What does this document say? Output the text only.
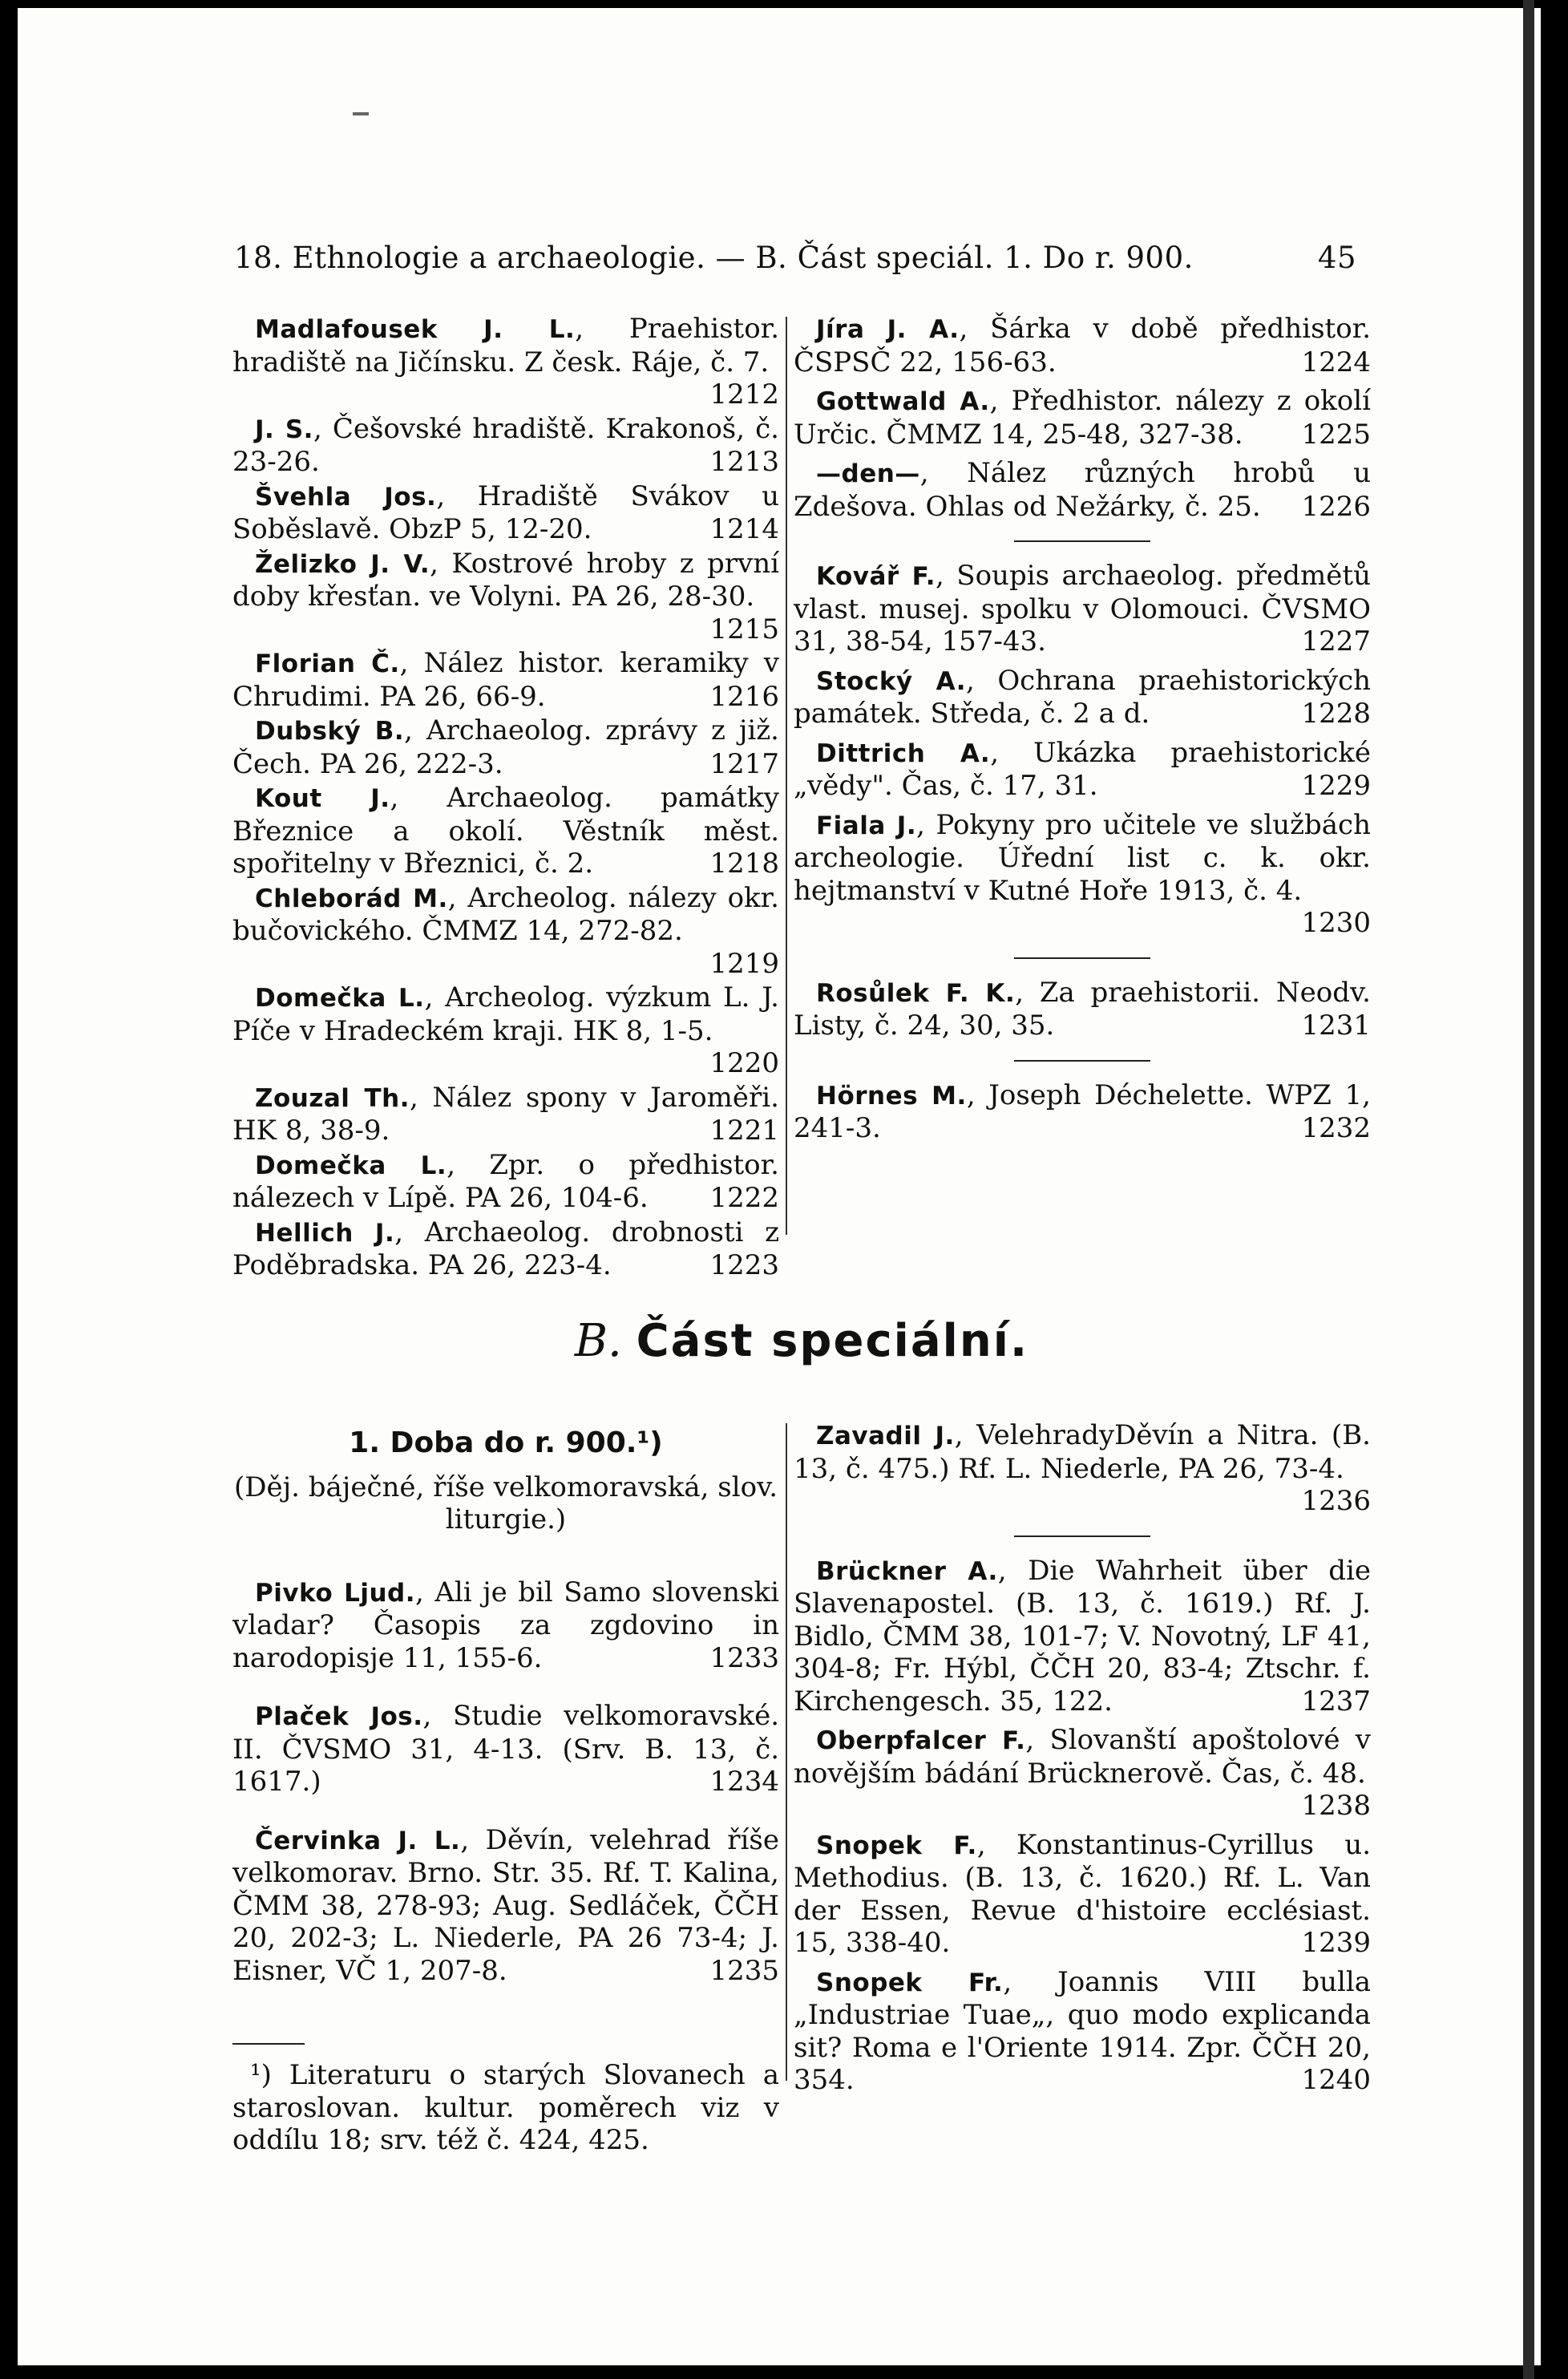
18. Ethnologie a archaeologie. — B. Část speciál. 1. Do r. 900.	45
Madlafousek J. L., Praehistor. hradiště na Jičínsku. Z česk. Ráje, č. 7.
1212
J. S., Češovské hradiště. Krakonoš, č. 23-26.	1213
Švehla Jos., Hradiště Svákov u Soběslavě. ObzP 5, 12-20.	1214
Želizko J. V., Kostrové hroby z první doby křesťan. ve Volyni. PA 26, 28-30.
1215
Florian Č., Nález histor. keramiky v Chrudimi. PA 26, 66-9.	1216
Dubský B., Archaeolog. zprávy z již. Čech. PA 26, 222-3.	1217
Kout J., Archaeolog. památky Březnice a okolí. Věstník měst. spořitelny v Březnici, č. 2.	1218
Chleborád M., Archeolog. nálezy okr. bučovického. ČMMZ 14, 272-82.
1219
Domečka L., Archeolog. výzkum L. J. Píče v Hradeckém kraji. HK 8, 1-5.
1220
Zouzal Th., Nález spony v Jaroměři. HK 8, 38-9.	1221
Domečka L., Zpr. o předhistor. nálezech v Lípě. PA 26, 104-6.	1222
Hellich J., Archaeolog. drobnosti z Poděbradska. PA 26, 223-4.	1223
Jíra J. A., Šárka v době předhistor. ČSPSČ 22, 156-63.	1224
Gottwald A., Předhistor. nálezy z okolí Určic. ČMMZ 14, 25-48, 327-38.	1225
—den—, Nález různých hrobů u Zdešova. Ohlas od Nežárky, č. 25.	1226
Kovář F., Soupis archaeolog. předmětů vlast. musej. spolku v Olomouci. ČVSMO 31, 38-54, 157-43.	1227
Stocký A., Ochrana praehistorických památek. Středa, č. 2 a d.	1228
Dittrich A., Ukázka praehistorické „vědy". Čas, č. 17, 31.	1229
Fiala J., Pokyny pro učitele ve službách archeologie. Úřední list c. k. okr. hejtmanství v Kutné Hoře 1913, č. 4.
1230
Rosůlek F. K., Za praehistorii. Neodv. Listy, č. 24, 30, 35.	1231
Hörnes M., Joseph Déchelette. WPZ 1, 241-3.	1232
B. Část speciální.
1. Doba do r. 900.¹)
(Děj. báječné, říše velkomoravská, slov. liturgie.)
Pivko Ljud., Ali je bil Samo slovenski vladar? Časopis za zgdovino in narodopisje 11, 155-6.	1233
Plaček Jos., Studie velkomoravské. II. ČVSMO 31, 4-13. (Srv. B. 13, č. 1617.)	1234
Červinka J. L., Děvín, velehrad říše velkomorav. Brno. Str. 35. Rf. T. Kalina, ČMM 38, 278-93; Aug. Sedláček, ČČH 20, 202-3; L. Niederle, PA 26 73-4; J. Eisner, VČ 1, 207-8.	1235
¹) Literaturu o starých Slovanech a staroslovan. kultur. poměrech viz v oddílu 18; srv. též č. 424, 425.
Zavadil J., VelehradyDěvín a Nitra. (B. 13, č. 475.) Rf. L. Niederle, PA 26, 73-4.
1236
Brückner A., Die Wahrheit über die Slavenapostel. (B. 13, č. 1619.) Rf. J. Bidlo, ČMM 38, 101-7; V. Novotný, LF 41, 304-8; Fr. Hýbl, ČČH 20, 83-4; Ztschr. f. Kirchengesch. 35, 122.	1237
Oberpfalcer F., Slovanští apoštolové v novějším bádání Brücknerově. Čas, č. 48.
1238
Snopek F., Konstantinus-Cyrillus u. Methodius. (B. 13, č. 1620.) Rf. L. Van der Essen, Revue d'histoire ecclésiast. 15, 338-40.	1239
Snopek Fr., Joannis VIII bulla „Industriae Tuae„, quo modo explicanda sit? Roma e l'Oriente 1914. Zpr. ČČH 20, 354.	1240
